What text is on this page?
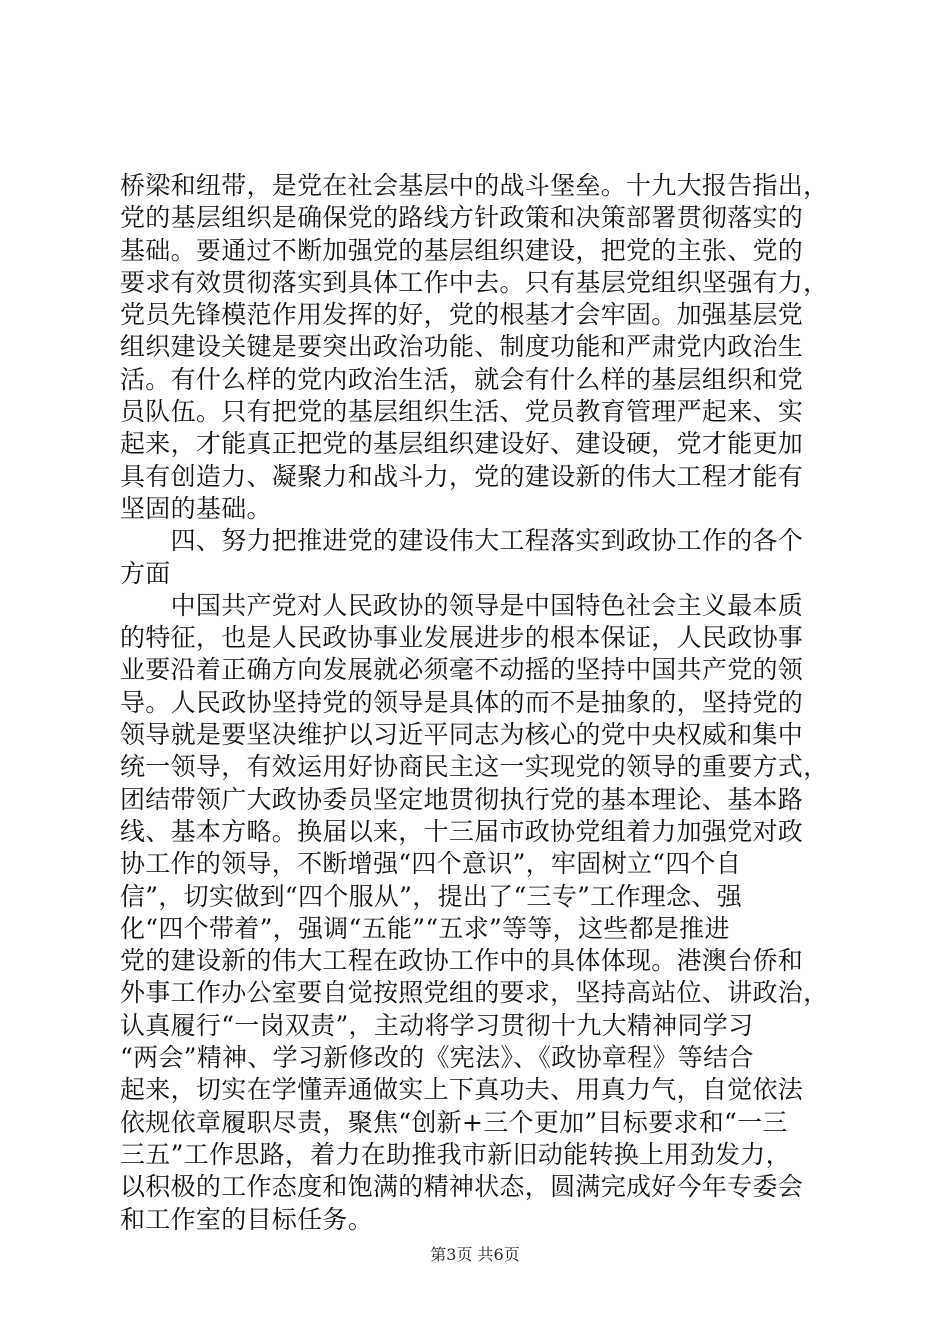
桥梁和纽带，是党在社会基层中的战斗堡垒。十九大报告指出，
党的基层组织是确保党的路线方针政策和决策部署贯彻落实的
基础。要通过不断加强党的基层组织建设，把党的主张、党的
要求有效贯彻落实到具体工作中去。只有基层党组织坚强有力，
党员先锋模范作用发挥的好，党的根基才会牢固。加强基层党
组织建设关键是要突出政治功能、制度功能和严肃党内政治生
活。有什么样的党内政治生活，就会有什么样的基层组织和党
员队伍。只有把党的基层组织生活、党员教育管理严起来、实
起来，才能真正把党的基层组织建设好、建设硬，党才能更加
具有创造力、凝聚力和战斗力，党的建设新的伟大工程才能有
坚固的基础。
　　四、努力把推进党的建设伟大工程落实到政协工作的各个
方面
　　中国共产党对人民政协的领导是中国特色社会主义最本质
的特征，也是人民政协事业发展进步的根本保证，人民政协事
业要沿着正确方向发展就必须毫不动摇的坚持中国共产党的领
导。人民政协坚持党的领导是具体的而不是抽象的，坚持党的
领导就是要坚决维护以习近平同志为核心的党中央权威和集中
统一领导，有效运用好协商民主这一实现党的领导的重要方式，
团结带领广大政协委员坚定地贯彻执行党的基本理论、基本路
线、基本方略。换届以来，十三届市政协党组着力加强党对政
协工作的领导，不断增强“四个意识”，牢固树立“四个自
信”，切实做到“四个服从”，提出了“三专”工作理念、强
化“四个带着”，强调“五能”“五求”等等，这些都是推进
党的建设新的伟大工程在政协工作中的具体体现。港澳台侨和
外事工作办公室要自觉按照党组的要求，坚持高站位、讲政治，
认真履行“一岗双责”，主动将学习贯彻十九大精神同学习
“两会”精神、学习新修改的《宪法》、《政协章程》等结合
起来，切实在学懂弄通做实上下真功夫、用真力气，自觉依法
依规依章履职尽责，聚焦“创新+三个更加”目标要求和“一三
三五”工作思路，着力在助推我市新旧动能转换上用劲发力，
以积极的工作态度和饱满的精神状态，圆满完成好今年专委会
和工作室的目标任务。
第3页 共6页
